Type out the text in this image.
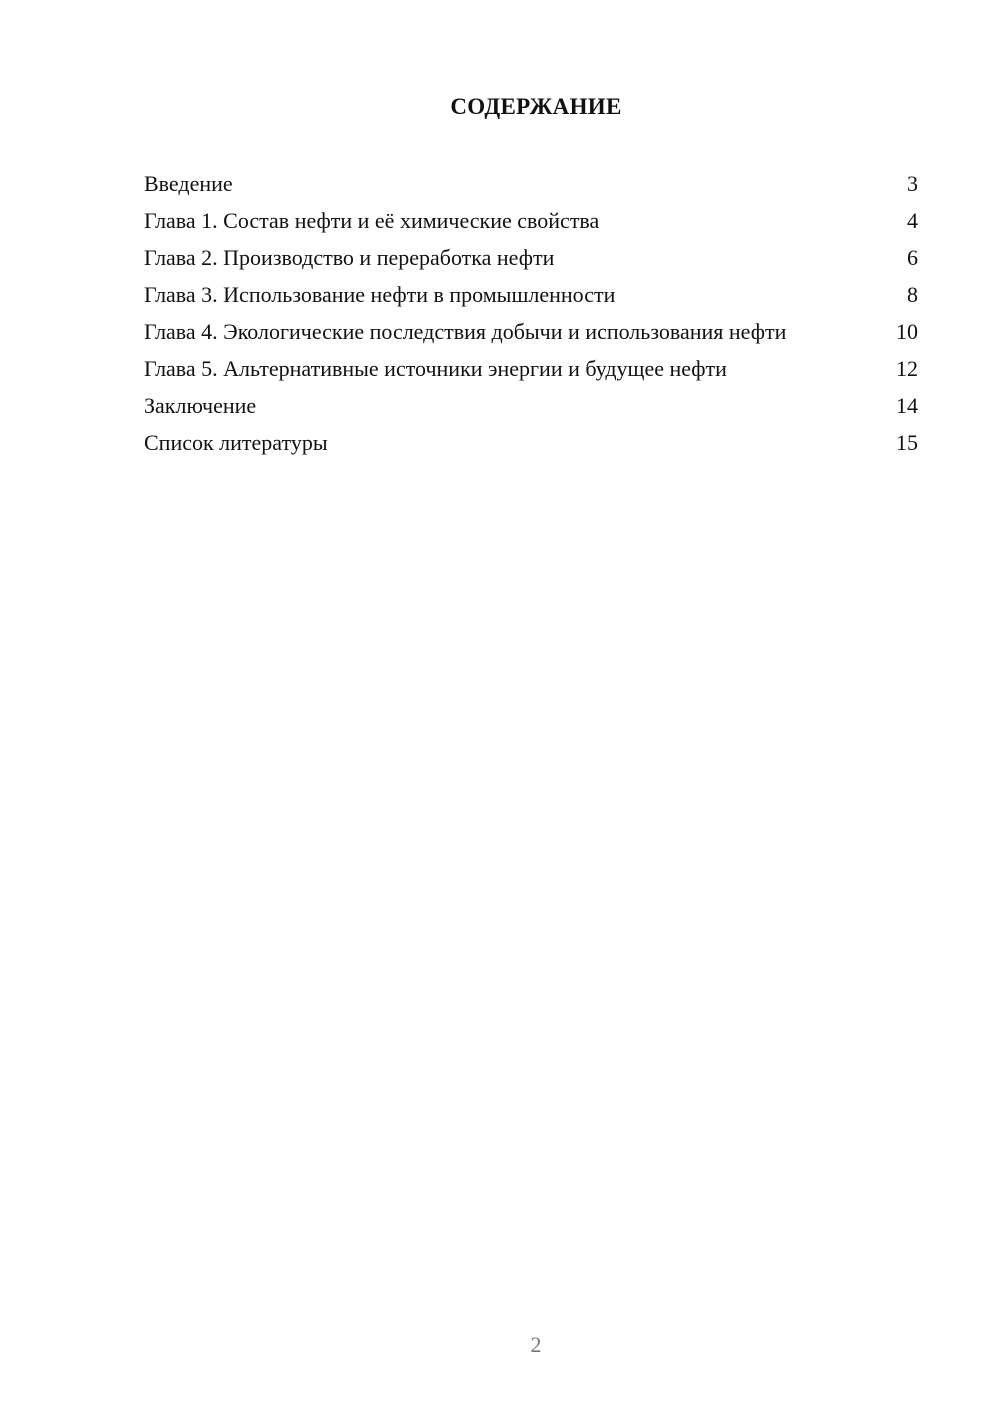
СОДЕРЖАНИЕ
Введение	3
Глава 1. Состав нефти и её химические свойства	4
Глава 2. Производство и переработка нефти	6
Глава 3. Использование нефти в промышленности	8
Глава 4. Экологические последствия добычи и использования нефти	10
Глава 5. Альтернативные источники энергии и будущее нефти	12
Заключение	14
Список литературы	15
2
